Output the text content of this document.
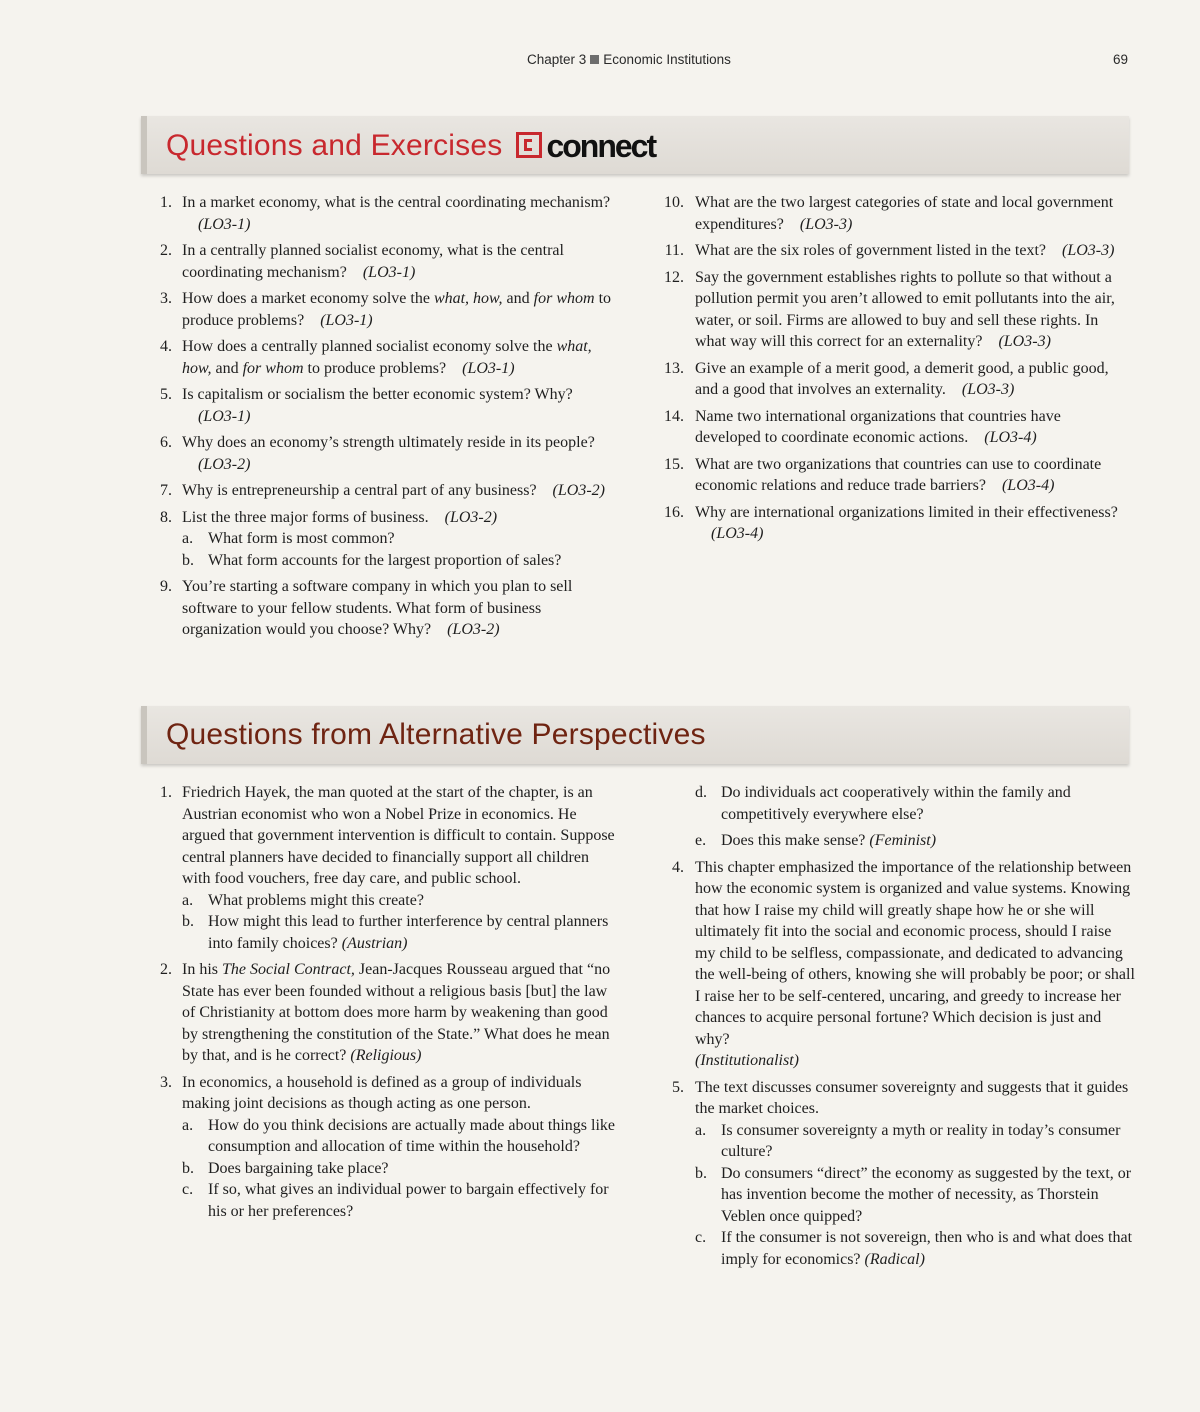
Chapter 3 Economic Institutions	69
Questions and Exercises connect
1. In a market economy, what is the central coordinating mechanism?(LO3-1)
2. In a centrally planned socialist economy, what is the central coordinating mechanism? (LO3-1)
3. How does a market economy solve the what, how, and for whom to produce problems? (LO3-1)
4. How does a centrally planned socialist economy solve the what, how, and for whom to produce problems? (LO3-1)
5. Is capitalism or socialism the better economic system? Why?(LO3-1)
6. Why does an economy’s strength ultimately reside in its people?(LO3-2)
7. Why is entrepreneurship a central part of any business? (LO3-2)
8. List the three major forms of business. (LO3-2)
a. What form is most common?
b. What form accounts for the largest proportion of sales?
9. You’re starting a software company in which you plan to sell software to your fellow students. What form of business organization would you choose? Why? (LO3-2)
10. What are the two largest categories of state and local government expenditures? (LO3-3)
11. What are the six roles of government listed in the text? (LO3-3)
12. Say the government establishes rights to pollute so that without a pollution permit you aren’t allowed to emit pollutants into the air, water, or soil. Firms are allowed to buy and sell these rights. In what way will this correct for an externality? (LO3-3)
13. Give an example of a merit good, a demerit good, a public good, and a good that involves an externality. (LO3-3)
14. Name two international organizations that countries have developed to coordinate economic actions. (LO3-4)
15. What are two organizations that countries can use to coordinate economic relations and reduce trade barriers? (LO3-4)
16. Why are international organizations limited in their effectiveness?(LO3-4)
Questions from Alternative Perspectives
1. Friedrich Hayek, the man quoted at the start of the chapter, is an Austrian economist who won a Nobel Prize in economics. He argued that government intervention is difficult to contain. Suppose central planners have decided to financially support all children with food vouchers, free day care, and public school.
a. What problems might this create?
b. How might this lead to further interference by central planners into family choices? (Austrian)
2. In his The Social Contract, Jean-Jacques Rousseau argued that “no State has ever been founded without a religious basis [but] the law of Christianity at bottom does more harm by weakening than good by strengthening the constitution of the State.” What does he mean by that, and is he correct? (Religious)
3. In economics, a household is defined as a group of individuals making joint decisions as though acting as one person.
a. How do you think decisions are actually made about things like consumption and allocation of time within the household?
b. Does bargaining take place?
c. If so, what gives an individual power to bargain effectively for his or her preferences?
d. Do individuals act cooperatively within the family and competitively everywhere else?
e. Does this make sense? (Feminist)
4. This chapter emphasized the importance of the relationship between how the economic system is organized and value systems. Knowing that how I raise my child will greatly shape how he or she will ultimately fit into the social and economic process, should I raise my child to be selfless, compassionate, and dedicated to advancing the well-being of others, knowing she will probably be poor; or shall I raise her to be self-centered, uncaring, and greedy to increase her chances to acquire personal fortune? Which decision is just and why?
(Institutionalist)
5. The text discusses consumer sovereignty and suggests that it guides the market choices.
a. Is consumer sovereignty a myth or reality in today’s consumer culture?
b. Do consumers “direct” the economy as suggested by the text, or has invention become the mother of necessity, as Thorstein Veblen once quipped?
c. If the consumer is not sovereign, then who is and what does that imply for economics? (Radical)
